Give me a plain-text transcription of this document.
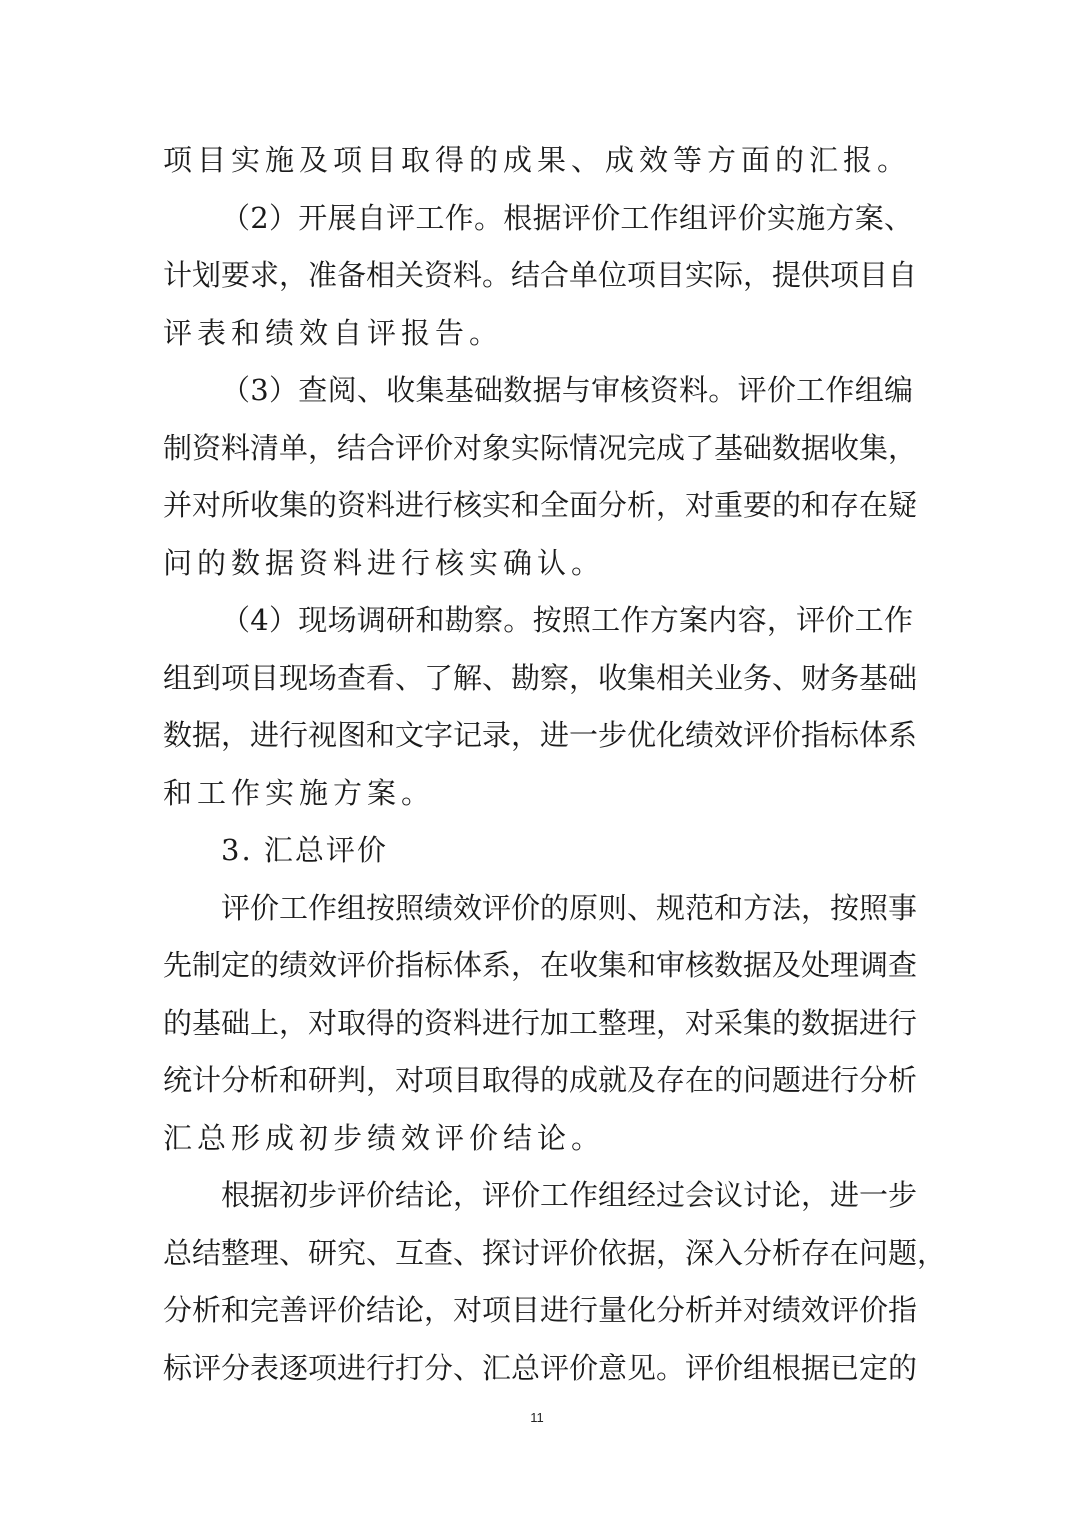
项目实施及项目取得的成果、成效等方面的汇报。
（2）开展自评工作。根据评价工作组评价实施方案、
计划要求，准备相关资料。结合单位项目实际，提供项目自
评表和绩效自评报告。
（3）查阅、收集基础数据与审核资料。评价工作组编
制资料清单，结合评价对象实际情况完成了基础数据收集，
并对所收集的资料进行核实和全面分析，对重要的和存在疑
问的数据资料进行核实确认。
（4）现场调研和勘察。按照工作方案内容，评价工作
组到项目现场查看、了解、勘察，收集相关业务、财务基础
数据，进行视图和文字记录，进一步优化绩效评价指标体系
和工作实施方案。
3. 汇总评价
评价工作组按照绩效评价的原则、规范和方法，按照事
先制定的绩效评价指标体系，在收集和审核数据及处理调查
的基础上，对取得的资料进行加工整理，对采集的数据进行
统计分析和研判，对项目取得的成就及存在的问题进行分析
汇总形成初步绩效评价结论。
根据初步评价结论，评价工作组经过会议讨论，进一步
总结整理、研究、互查、探讨评价依据，深入分析存在问题，
分析和完善评价结论，对项目进行量化分析并对绩效评价指
标评分表逐项进行打分、汇总评价意见。评价组根据已定的
11
